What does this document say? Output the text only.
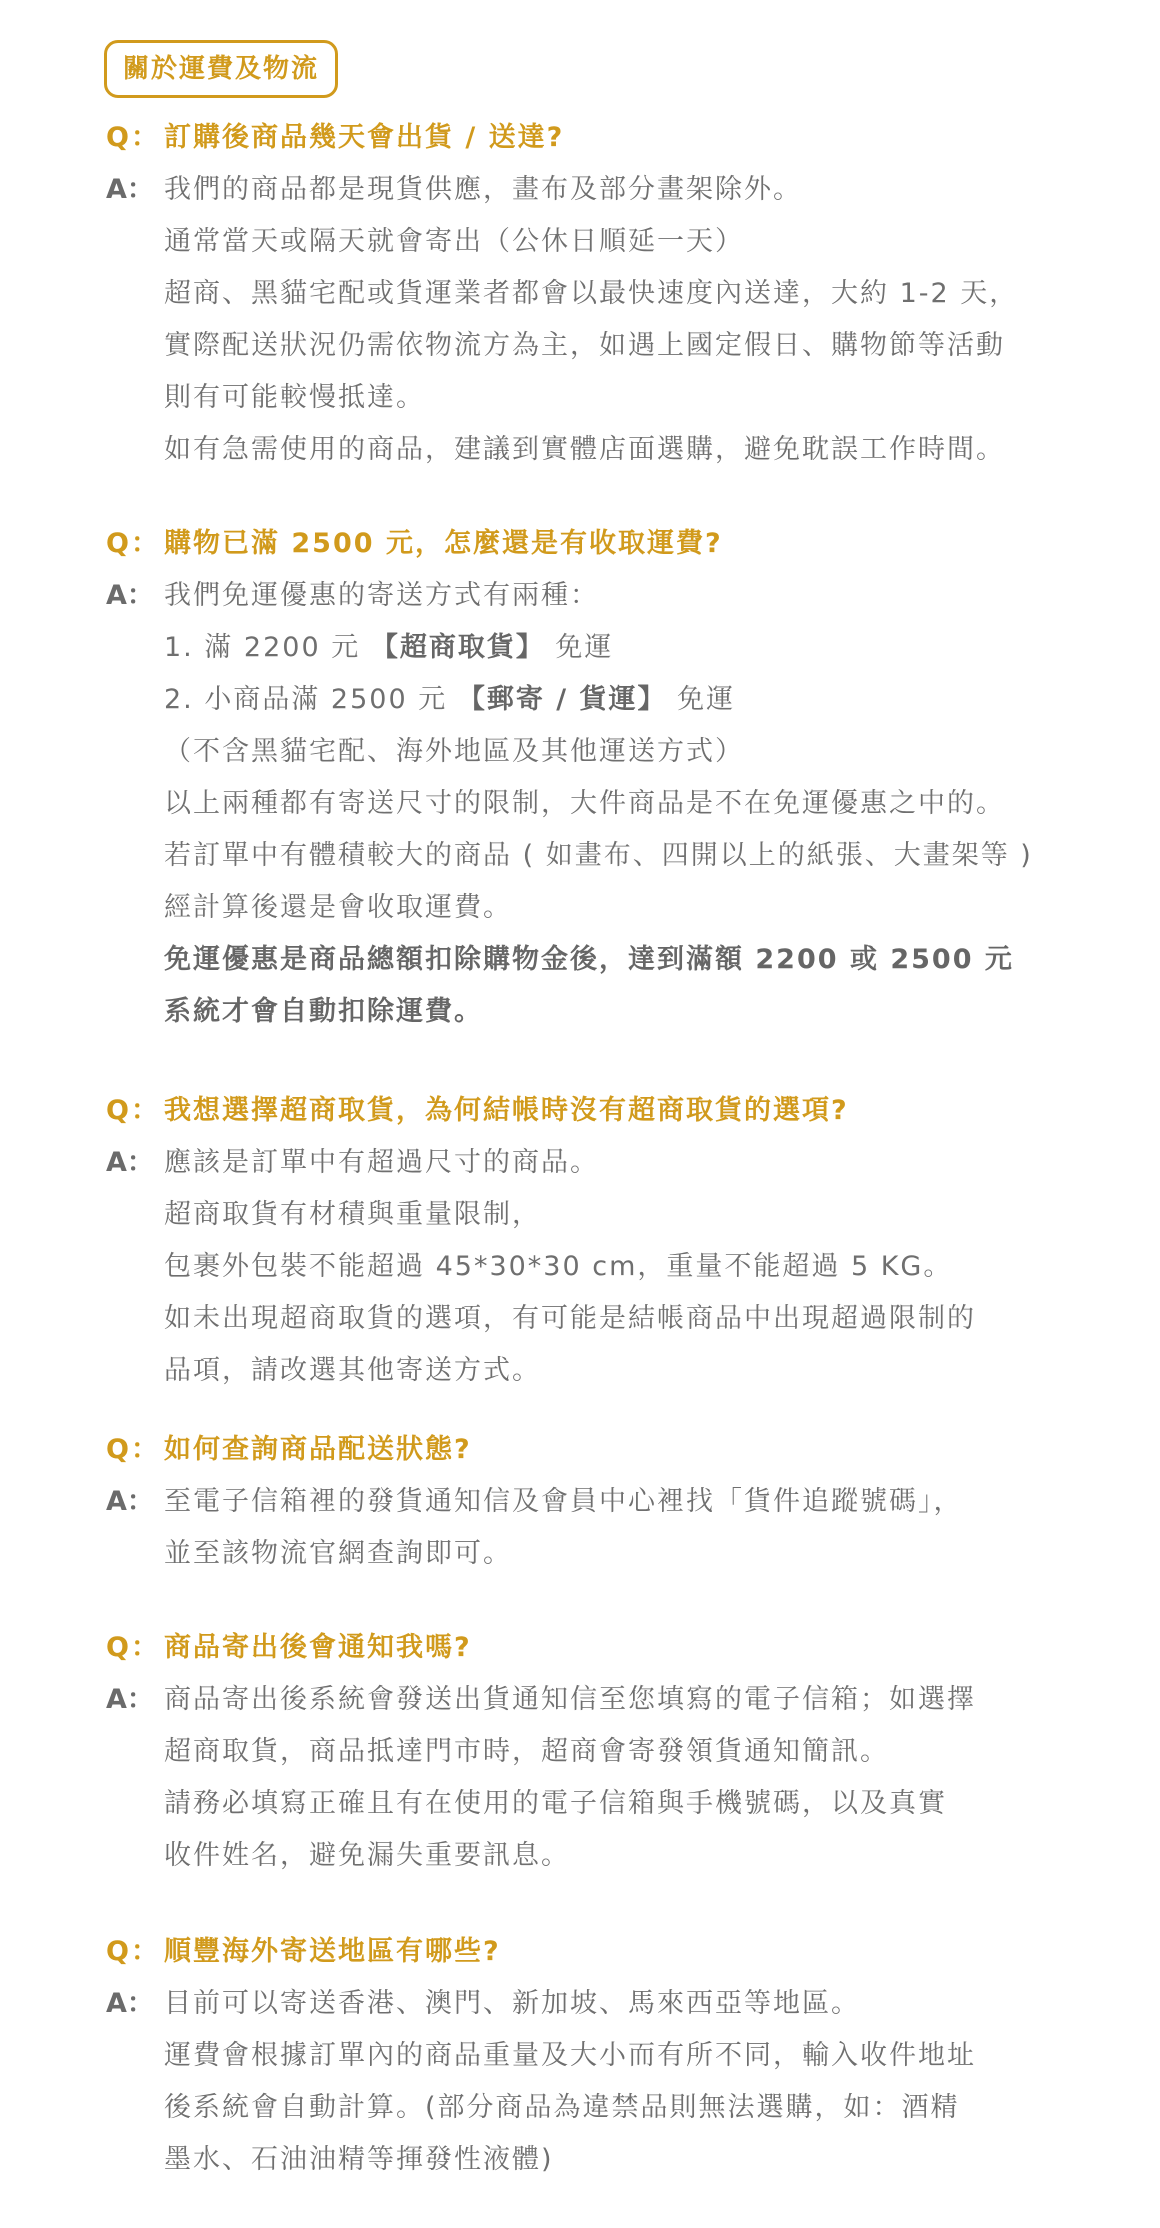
關於運費及物流
Q： 訂購後商品幾天會出貨 / 送達?
A： 我們的商品都是現貨供應，畫布及部分畫架除外。
通常當天或隔天就會寄出（公休日順延一天）
超商、黑貓宅配或貨運業者都會以最快速度內送達，大約 1-2 天，
實際配送狀況仍需依物流方為主，如遇上國定假日、購物節等活動
則有可能較慢抵達。
如有急需使用的商品，建議到實體店面選購，避免耽誤工作時間。
Q： 購物已滿 2500 元，怎麼還是有收取運費?
A： 我們免運優惠的寄送方式有兩種：
1. 滿 2200 元 【超商取貨】 免運
2. 小商品滿 2500 元 【郵寄 / 貨運】 免運
（不含黑貓宅配、海外地區及其他運送方式）
以上兩種都有寄送尺寸的限制，大件商品是不在免運優惠之中的。
若訂單中有體積較大的商品 ( 如畫布、四開以上的紙張、大畫架等 )
經計算後還是會收取運費。
免運優惠是商品總額扣除購物金後，達到滿額 2200 或 2500 元
系統才會自動扣除運費。
Q： 我想選擇超商取貨，為何結帳時沒有超商取貨的選項?
A： 應該是訂單中有超過尺寸的商品。
超商取貨有材積與重量限制，
包裹外包裝不能超過 45*30*30 cm，重量不能超過 5 KG。
如未出現超商取貨的選項，有可能是結帳商品中出現超過限制的
品項，請改選其他寄送方式。
Q： 如何查詢商品配送狀態?
A： 至電子信箱裡的發貨通知信及會員中心裡找「貨件追蹤號碼」，
並至該物流官網查詢即可。
Q： 商品寄出後會通知我嗎?
A： 商品寄出後系統會發送出貨通知信至您填寫的電子信箱；如選擇
超商取貨，商品抵達門市時，超商會寄發領貨通知簡訊。
請務必填寫正確且有在使用的電子信箱與手機號碼，以及真實
收件姓名，避免漏失重要訊息。
Q： 順豐海外寄送地區有哪些?
A： 目前可以寄送香港、澳門、新加坡、馬來西亞等地區。
運費會根據訂單內的商品重量及大小而有所不同，輸入收件地址
後系統會自動計算。(部分商品為違禁品則無法選購，如：酒精
墨水、石油油精等揮發性液體)
